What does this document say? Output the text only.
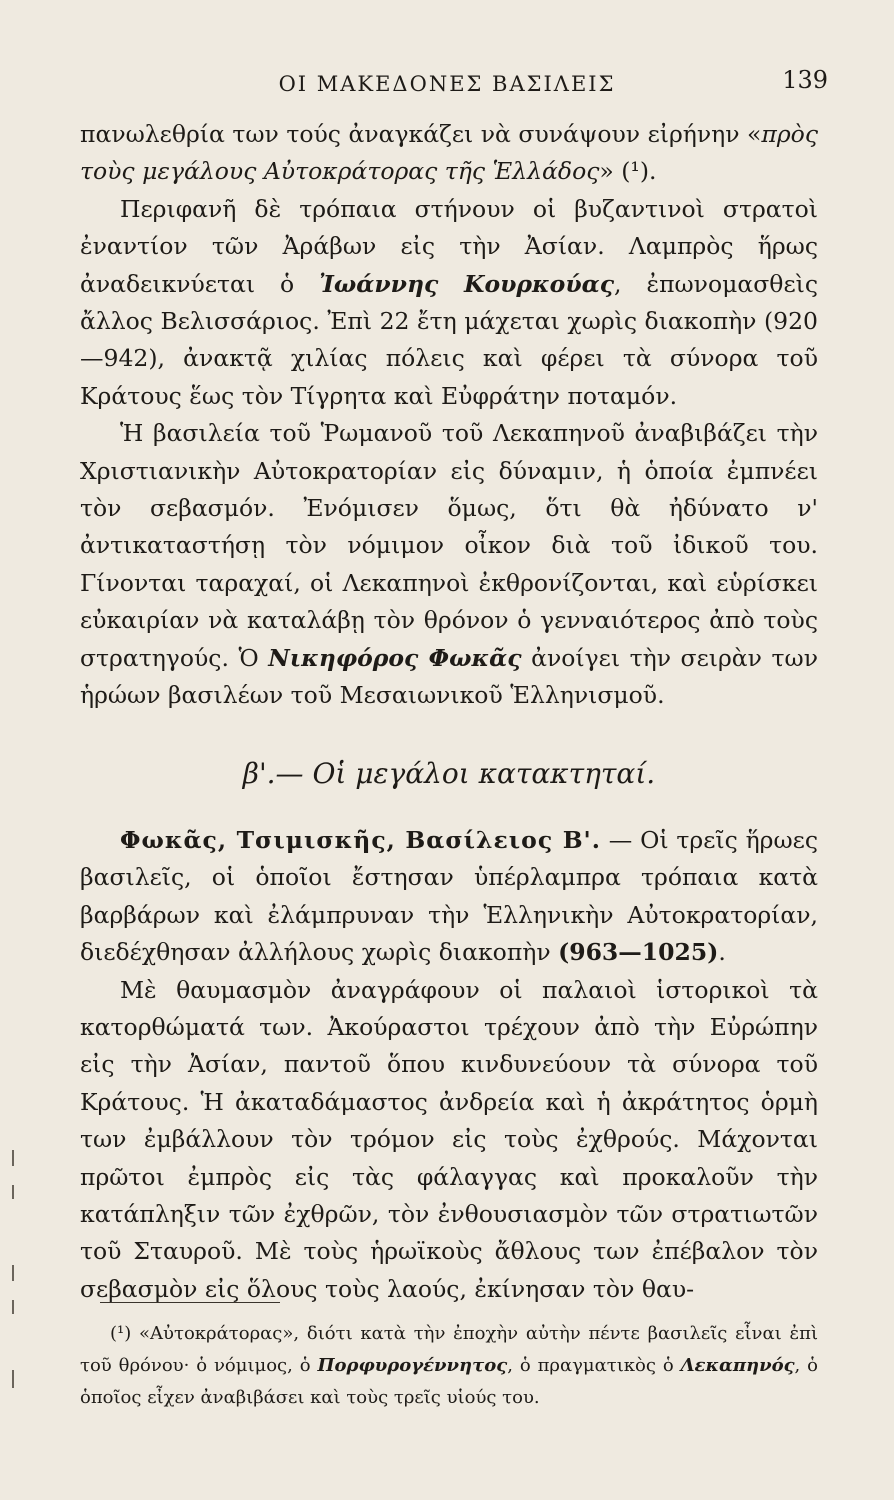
ΟΙ ΜΑΚΕΔΟΝΕΣ ΒΑΣΙΛΕΙΣ	139

πανωλεθρία των τούς ἀναγκάζει νὰ συνάψουν εἰρήνην «πρὸς τοὺς μεγάλους Αὐτοκράτορας τῆς Ἑλλάδος» (¹).

Περιφανῆ δὲ τρόπαια στήνουν οἱ βυζαντινοὶ στρατοὶ ἐναντίον τῶν Ἀράβων εἰς τὴν Ἀσίαν. Λαμπρὸς ἥρως ἀναδεικνύεται ὁ Ἰωάννης Κουρκούας, ἐπωνομασθεὶς ἄλλος Βελισσάριος. Ἐπὶ 22 ἔτη μάχεται χωρὶς διακοπὴν (920—942), ἀνακτᾷ χιλίας πόλεις καὶ φέρει τὰ σύνορα τοῦ Κράτους ἕως τὸν Τίγρητα καὶ Εὐφράτην ποταμόν.

Ἡ βασιλεία τοῦ Ῥωμανοῦ τοῦ Λεκαπηνοῦ ἀναβιβάζει τὴν Χριστιανικὴν Αὐτοκρατορίαν εἰς δύναμιν, ἡ ὁποία ἐμπνέει τὸν σεβασμόν. Ἐνόμισεν ὅμως, ὅτι θὰ ἠδύνατο ν' ἀντικαταστήσῃ τὸν νόμιμον οἶκον διὰ τοῦ ἰδικοῦ του. Γίνονται ταραχαί, οἱ Λεκαπηνοὶ ἐκθρονίζονται, καὶ εὑρίσκει εὐκαιρίαν νὰ καταλάβῃ τὸν θρόνον ὁ γενναιότερος ἀπὸ τοὺς στρατηγούς. Ὁ Νικηφόρος Φωκᾶς ἀνοίγει τὴν σειρὰν των ἡρώων βασιλέων τοῦ Μεσαιωνικοῦ Ἑλληνισμοῦ.

β'.— Οἱ μεγάλοι κατακτηταί.

Φωκᾶς, Τσιμισκῆς, Βασίλειος Β'. — Οἱ τρεῖς ἥρωες βασιλεῖς, οἱ ὁποῖοι ἔστησαν ὑπέρλαμπρα τρόπαια κατὰ βαρβάρων καὶ ἐλάμπρυναν τὴν Ἑλληνικὴν Αὐτοκρατορίαν, διεδέχθησαν ἀλλήλους χωρὶς διακοπὴν (963—1025).

Μὲ θαυμασμὸν ἀναγράφουν οἱ παλαιοὶ ἱστορικοὶ τὰ κατορθώματά των. Ἀκούραστοι τρέχουν ἀπὸ τὴν Εὐρώπην εἰς τὴν Ἀσίαν, παντοῦ ὅπου κινδυνεύουν τὰ σύνορα τοῦ Κράτους. Ἡ ἀκαταδάμαστος ἀνδρεία καὶ ἡ ἀκράτητος ὁρμὴ των ἐμβάλλουν τὸν τρόμον εἰς τοὺς ἐχθρούς. Μάχονται πρῶτοι ἐμπρὸς εἰς τὰς φάλαγγας καὶ προκαλοῦν τὴν κατάπληξιν τῶν ἐχθρῶν, τὸν ἐνθουσιασμὸν τῶν στρατιωτῶν τοῦ Σταυροῦ. Μὲ τοὺς ἡρωϊκοὺς ἄθλους των ἐπέβαλον τὸν σεβασμὸν εἰς ὅλους τοὺς λαούς, ἐκίνησαν τὸν θαυ-

(¹) «Αὐτοκράτορας», διότι κατὰ τὴν ἐποχὴν αὐτὴν πέντε βασιλεῖς εἶναι ἐπὶ τοῦ θρόνου· ὁ νόμιμος, ὁ Πορφυρογέννητος, ὁ πραγματικὸς ὁ Λεκαπηνός, ὁ ὁποῖος εἶχεν ἀναβιβάσει καὶ τοὺς τρεῖς υἱούς του.
